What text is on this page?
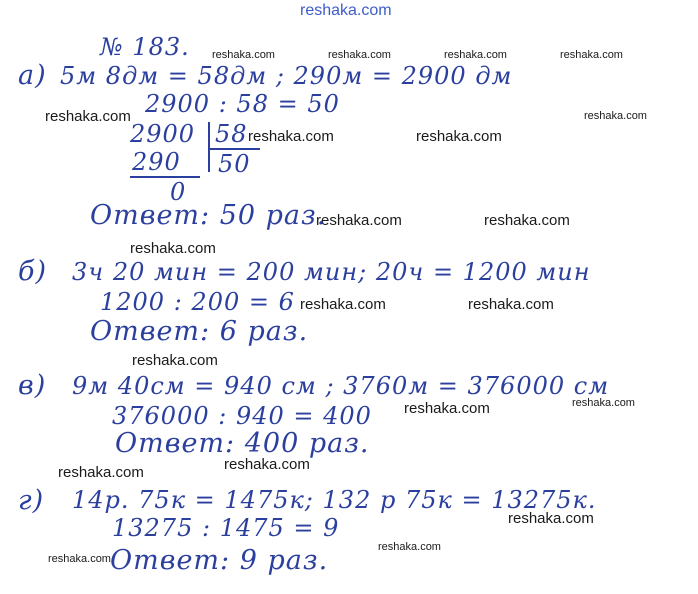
reshaka.com
reshaka.com	reshaka.com	reshaka.com	reshaka.com
reshaka.com	reshaka.com
reshaka.com	reshaka.com
reshaka.com	reshaka.com
reshaka.com
reshaka.com	reshaka.com
reshaka.com
reshaka.com
reshaka.com
reshaka.com
reshaka.com
reshaka.com
reshaka.com
reshaka.com
№ 183.
а) 5м 8дм = 58дм ; 290м = 2900 дм
2900 : 58 = 50
2900 58
290 50
0
Ответ: 50 раз.
б) 3ч 20 мин = 200 мин; 20ч = 1200 мин
1200 : 200 = 6
Ответ: 6 раз.
в) 9м 40см = 940 см ; 3760м = 376000 см
376000 : 940 = 400
Ответ: 400 раз.
г) 14р. 75к = 1475к; 132 р 75к = 13275к.
13275 : 1475 = 9
Ответ: 9 раз.
